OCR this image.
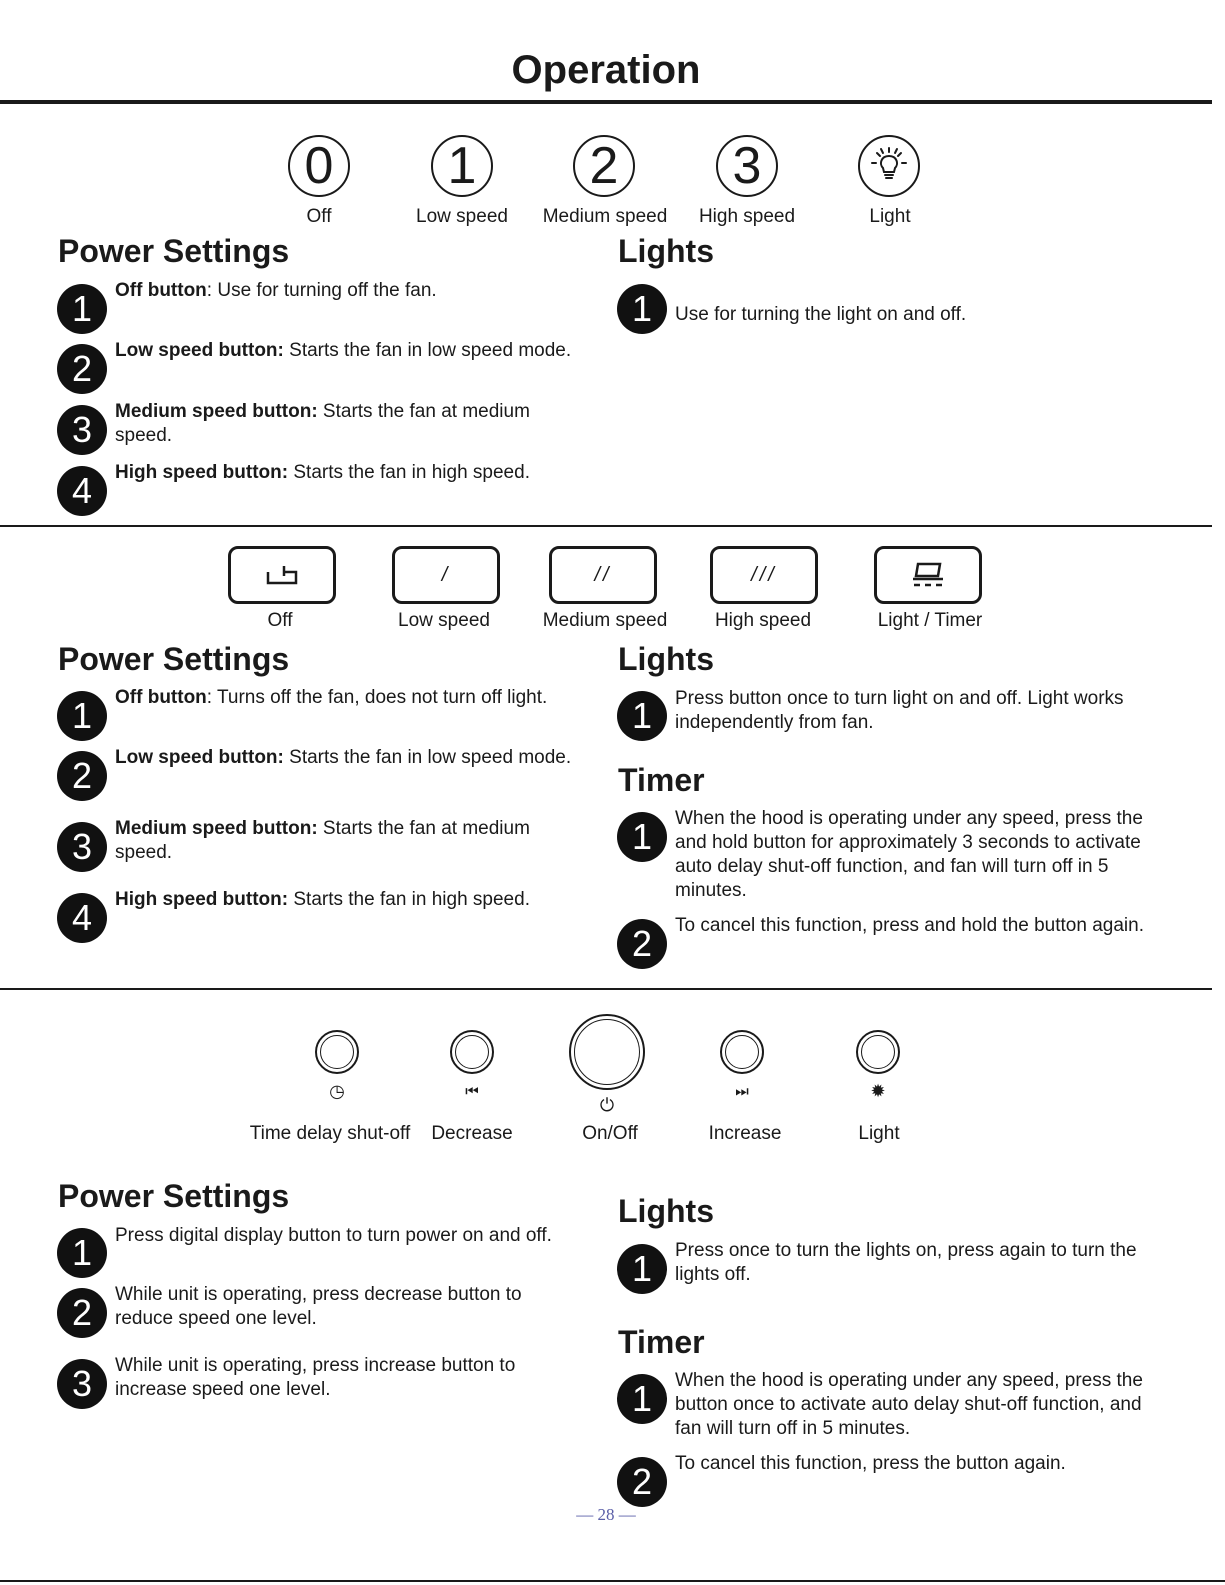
Operation
0	1	2	3
Off	Low speed	Medium speed	High speed	Light
Power Settings	Lights
1	Off button: Use for turning off the fan.
2	Low speed button: Starts the fan in low speed mode.
3	Medium speed button: Starts the fan at medium speed.
4	High speed button: Starts the fan in high speed.
1	Use for turning the light on and off.
/	//	///
Off	Low speed	Medium speed	High speed	Light / Timer
Power Settings	Lights
1	Off button: Turns off the fan, does not turn off light.
2	Low speed button: Starts the fan in low speed mode.
3	Medium speed button: Starts the fan at medium speed.
4	High speed button: Starts the fan in high speed.
1	Press button once to turn light on and off. Light works independently from fan.
Timer
1	When the hood is operating under any speed, press the and hold button for approximately 3 seconds to activate auto delay shut-off function, and fan will turn off in 5 minutes.
2	To cancel this function, press and hold the button again.
◷	⏮
⏻
⏭	✹
Time delay shut-off	Decrease	On/Off	Increase	Light
Power Settings
1	Press digital display button to turn power on and off.
2	While unit is operating, press decrease button to reduce speed one level.
3	While unit is operating, press increase button to increase speed one level.
Lights
1	Press once to turn the lights on, press again to turn the lights off.
Timer
1	When the hood is operating under any speed, press the button once to activate auto delay shut-off function, and fan will turn off in 5 minutes.
2	To cancel this function, press the button again.
— 28 —
